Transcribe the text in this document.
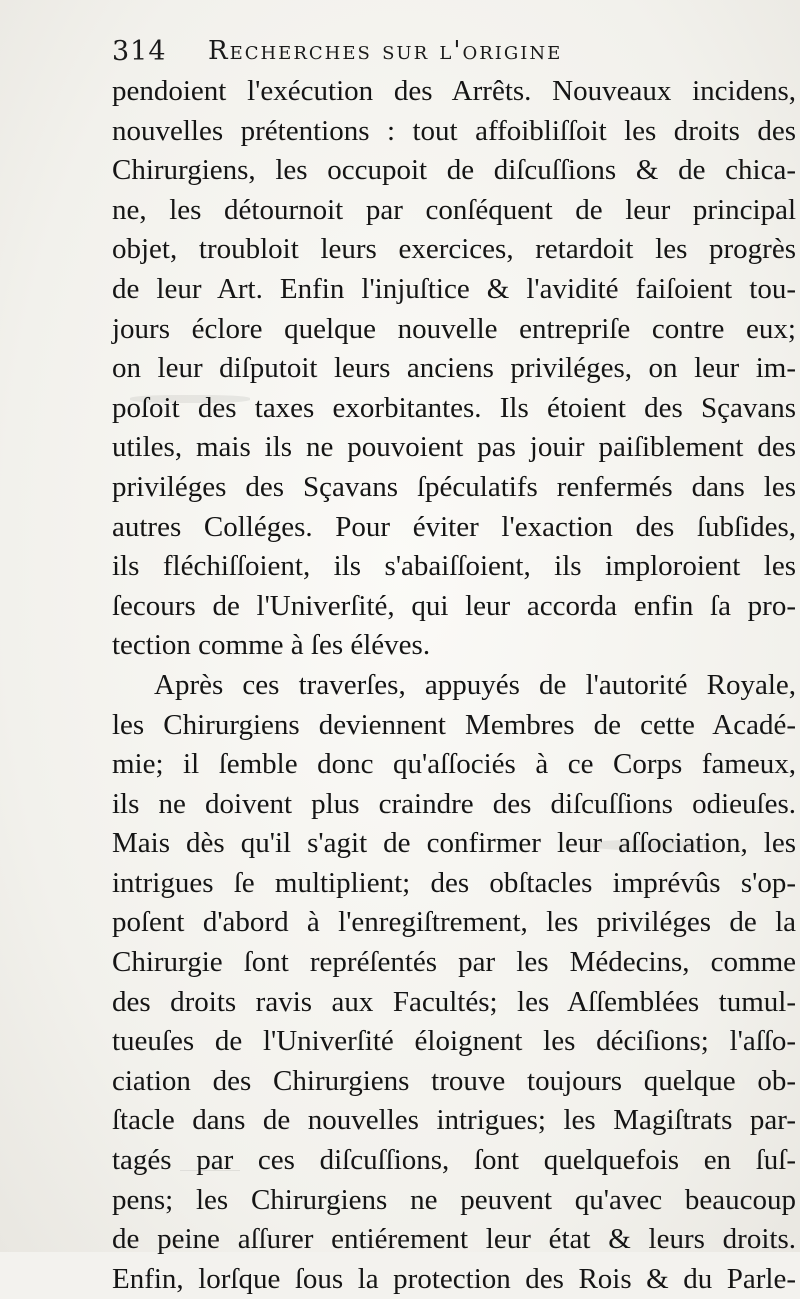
314 Recherches sur l'origine
pendoient l'exécution des Arrêts. Nouveaux incidens,
nouvelles prétentions : tout affoibliſſoit les droits des
Chirurgiens, les occupoit de diſcuſſions & de chica-
ne, les détournoit par conſéquent de leur principal
objet, troubloit leurs exercices, retardoit les progrès
de leur Art. Enfin l'injuſtice & l'avidité faiſoient tou-
jours éclore quelque nouvelle entrepriſe contre eux;
on leur diſputoit leurs anciens priviléges, on leur im-
poſoit des taxes exorbitantes. Ils étoient des Sçavans
utiles, mais ils ne pouvoient pas jouir paiſiblement des
priviléges des Sçavans ſpéculatifs renfermés dans les
autres Colléges. Pour éviter l'exaction des ſubſides,
ils fléchiſſoient, ils s'abaiſſoient, ils imploroient les
ſecours de l'Univerſité, qui leur accorda enfin ſa pro-
tection comme à ſes éléves.
Après ces traverſes, appuyés de l'autorité Royale,
les Chirurgiens deviennent Membres de cette Acadé-
mie; il ſemble donc qu'aſſociés à ce Corps fameux,
ils ne doivent plus craindre des diſcuſſions odieuſes.
Mais dès qu'il s'agit de confirmer leur aſſociation, les
intrigues ſe multiplient; des obſtacles imprévûs s'op-
poſent d'abord à l'enregiſtrement, les priviléges de la
Chirurgie ſont repréſentés par les Médecins, comme
des droits ravis aux Facultés; les Aſſemblées tumul-
tueuſes de l'Univerſité éloignent les déciſions; l'aſſo-
ciation des Chirurgiens trouve toujours quelque ob-
ſtacle dans de nouvelles intrigues; les Magiſtrats par-
tagés par ces diſcuſſions, ſont quelquefois en ſuſ-
pens; les Chirurgiens ne peuvent qu'avec beaucoup
de peine aſſurer entiérement leur état & leurs droits.
Enfin, lorſque ſous la protection des Rois & du Parle-
